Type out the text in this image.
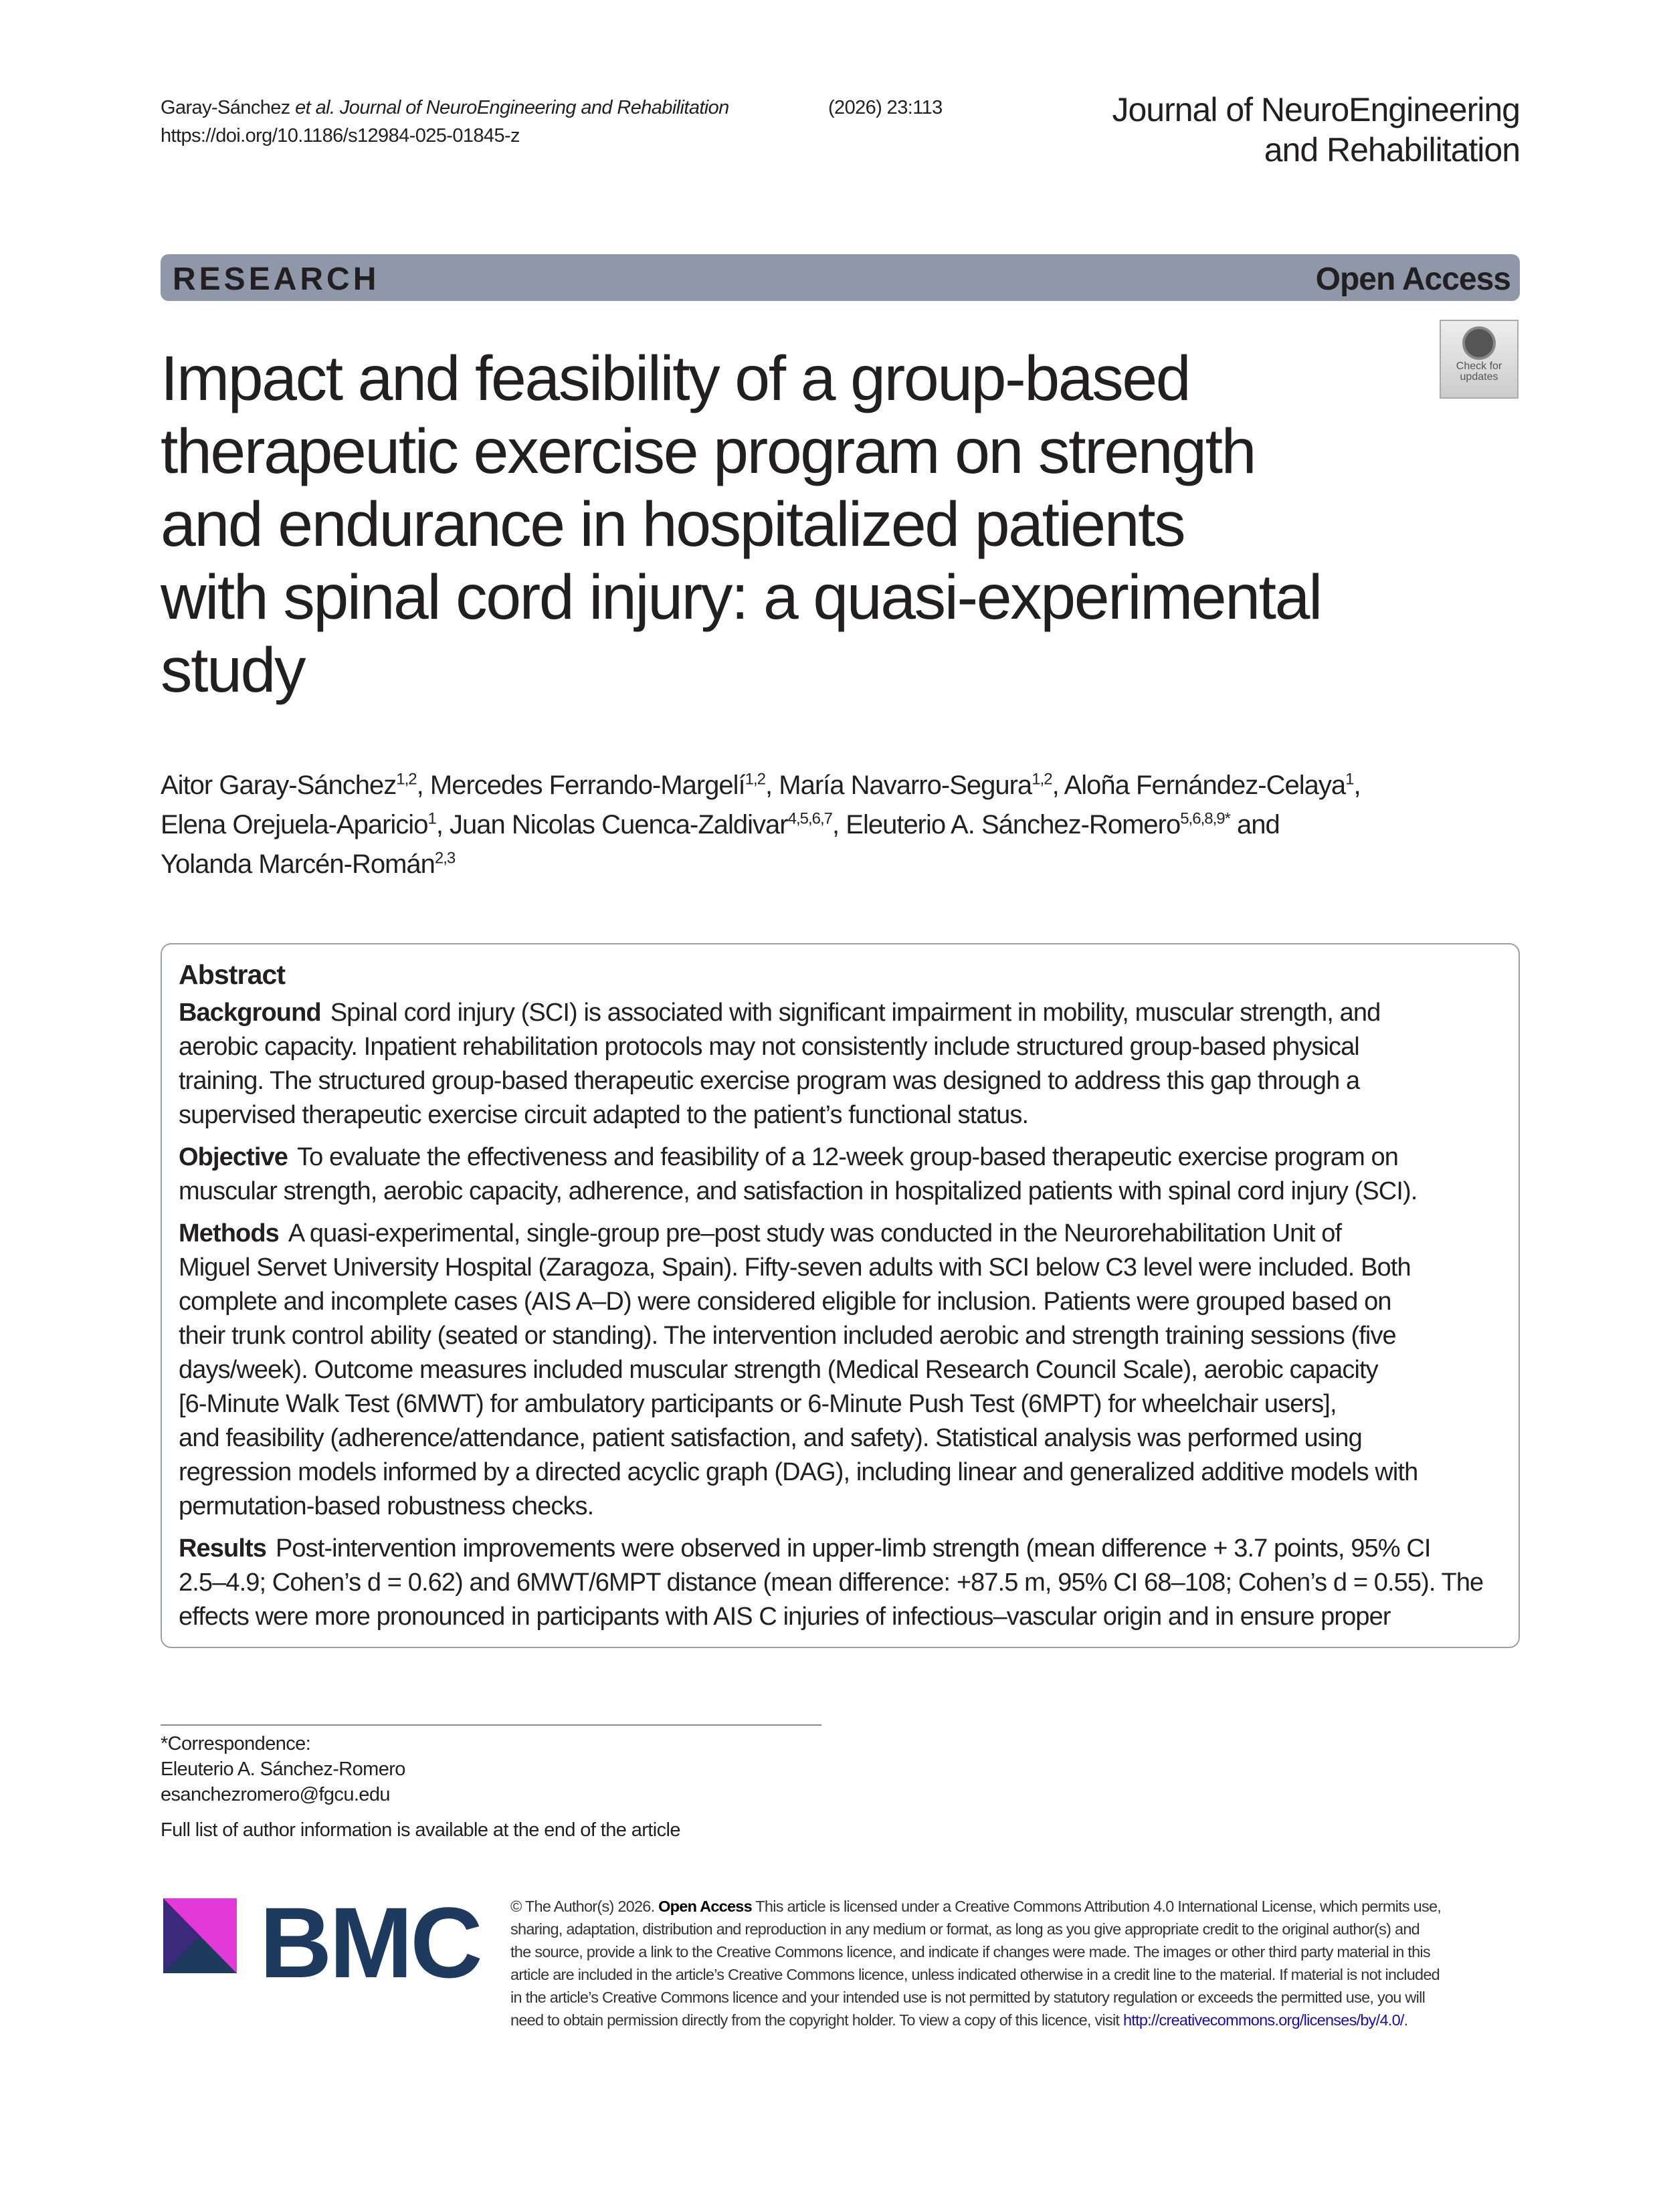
Garay-Sánchez et al. Journal of NeuroEngineering and Rehabilitation
https://doi.org/10.1186/s12984-025-01845-z
(2026) 23:113	Journal of NeuroEngineering
and Rehabilitation
RESEARCH	Open Access
Check for
updates
Impact and feasibility of a group-based
therapeutic exercise program on strength
and endurance in hospitalized patients
with spinal cord injury: a quasi-experimental
study
Aitor Garay-Sánchez$^{1,2}$, Mercedes Ferrando-Margelí$^{1,2}$, María Navarro-Segura$^{1,2}$, Aloña Fernández-Celaya$^1$,
Elena Orejuela-Aparicio$^1$, Juan Nicolas Cuenca-Zaldivar$^{4,5,6,7}$, Eleuterio A. Sánchez-Romero$^{5,6,8,9*}$ and
Yolanda Marcén-Román$^{2,3}$
Abstract
Background Spinal cord injury (SCI) is associated with significant impairment in mobility, muscular strength, and
aerobic capacity. Inpatient rehabilitation protocols may not consistently include structured group-based physical
training. The structured group-based therapeutic exercise program was designed to address this gap through a
supervised therapeutic exercise circuit adapted to the patient’s functional status.
Objective To evaluate the effectiveness and feasibility of a 12-week group-based therapeutic exercise program on
muscular strength, aerobic capacity, adherence, and satisfaction in hospitalized patients with spinal cord injury (SCI).
Methods A quasi-experimental, single-group pre–post study was conducted in the Neurorehabilitation Unit of
Miguel Servet University Hospital (Zaragoza, Spain). Fifty-seven adults with SCI below C3 level were included. Both
complete and incomplete cases (AIS A–D) were considered eligible for inclusion. Patients were grouped based on
their trunk control ability (seated or standing). The intervention included aerobic and strength training sessions (five
days/week). Outcome measures included muscular strength (Medical Research Council Scale), aerobic capacity
[6-Minute Walk Test (6MWT) for ambulatory participants or 6-Minute Push Test (6MPT) for wheelchair users],
and feasibility (adherence/attendance, patient satisfaction, and safety). Statistical analysis was performed using
regression models informed by a directed acyclic graph (DAG), including linear and generalized additive models with
permutation-based robustness checks.
Results Post-intervention improvements were observed in upper-limb strength (mean difference + 3.7 points, 95% CI
2.5–4.9; Cohen’s d = 0.62) and 6MWT/6MPT distance (mean difference: +87.5 m, 95% CI 68–108; Cohen’s d = 0.55). The
effects were more pronounced in participants with AIS C injuries of infectious–vascular origin and in ensure proper
*Correspondence:
Eleuterio A. Sánchez-Romero
esanchezromero@fgcu.edu
Full list of author information is available at the end of the article
BMC © The Author(s) 2026. Open Access This article is licensed under a Creative Commons Attribution 4.0 International License, which permits use,
sharing, adaptation, distribution and reproduction in any medium or format, as long as you give appropriate credit to the original author(s) and
the source, provide a link to the Creative Commons licence, and indicate if changes were made. The images or other third party material in this
article are included in the article’s Creative Commons licence, unless indicated otherwise in a credit line to the material. If material is not included
in the article’s Creative Commons licence and your intended use is not permitted by statutory regulation or exceeds the permitted use, you will
need to obtain permission directly from the copyright holder. To view a copy of this licence, visit http://creativecommons.org/licenses/by/4.0/.
